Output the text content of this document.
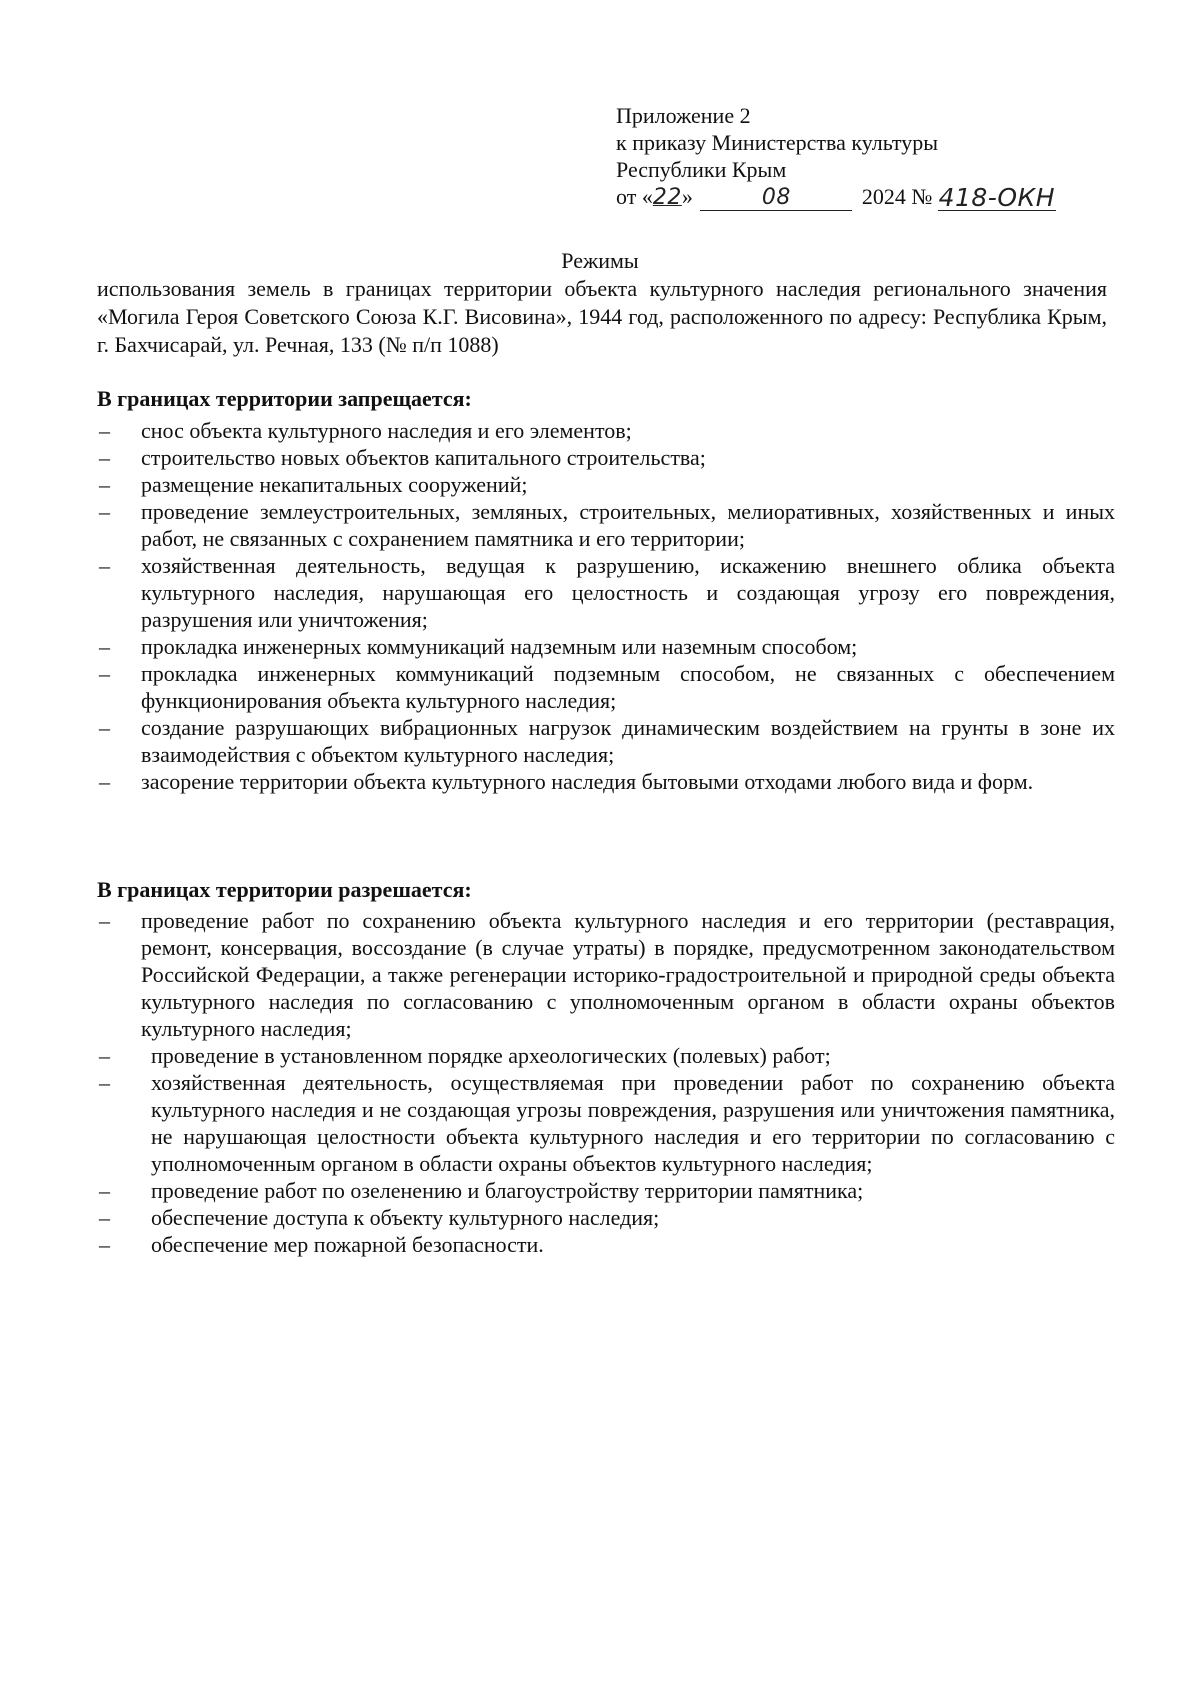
Приложение 2
к приказу Министерства культуры
Республики Крым
от «22»	08	2024 № 418-ОКН
Режимы
использования земель в границах территории объекта культурного наследия регионального значения «Могила Героя Советского Союза К.Г. Висовина», 1944 год, расположенного по адресу: Республика Крым, г. Бахчисарай, ул. Речная, 133 (№ п/п 1088)
В границах территории запрещается:
– снос объекта культурного наследия и его элементов;
– строительство новых объектов капитального строительства;
– размещение некапитальных сооружений;
– проведение землеустроительных, земляных, строительных, мелиоративных, хозяйственных и иных работ, не связанных с сохранением памятника и его территории;
– хозяйственная деятельность, ведущая к разрушению, искажению внешнего облика объекта культурного наследия, нарушающая его целостность и создающая угрозу его повреждения, разрушения или уничтожения;
– прокладка инженерных коммуникаций надземным или наземным способом;
– прокладка инженерных коммуникаций подземным способом, не связанных с обеспечением функционирования объекта культурного наследия;
– создание разрушающих вибрационных нагрузок динамическим воздействием на грунты в зоне их взаимодействия с объектом культурного наследия;
– засорение территории объекта культурного наследия бытовыми отходами любого вида и форм.
В границах территории разрешается:
– проведение работ по сохранению объекта культурного наследия и его территории (реставрация, ремонт, консервация, воссоздание (в случае утраты) в порядке, предусмотренном законодательством Российской Федерации, а также регенерации историко-градостроительной и природной среды объекта культурного наследия по согласованию с уполномоченным органом в области охраны объектов культурного наследия;
– проведение в установленном порядке археологических (полевых) работ;
– хозяйственная деятельность, осуществляемая при проведении работ по сохранению объекта культурного наследия и не создающая угрозы повреждения, разрушения или уничтожения памятника, не нарушающая целостности объекта культурного наследия и его территории по согласованию с уполномоченным органом в области охраны объектов культурного наследия;
– проведение работ по озеленению и благоустройству территории памятника;
– обеспечение доступа к объекту культурного наследия;
– обеспечение мер пожарной безопасности.
